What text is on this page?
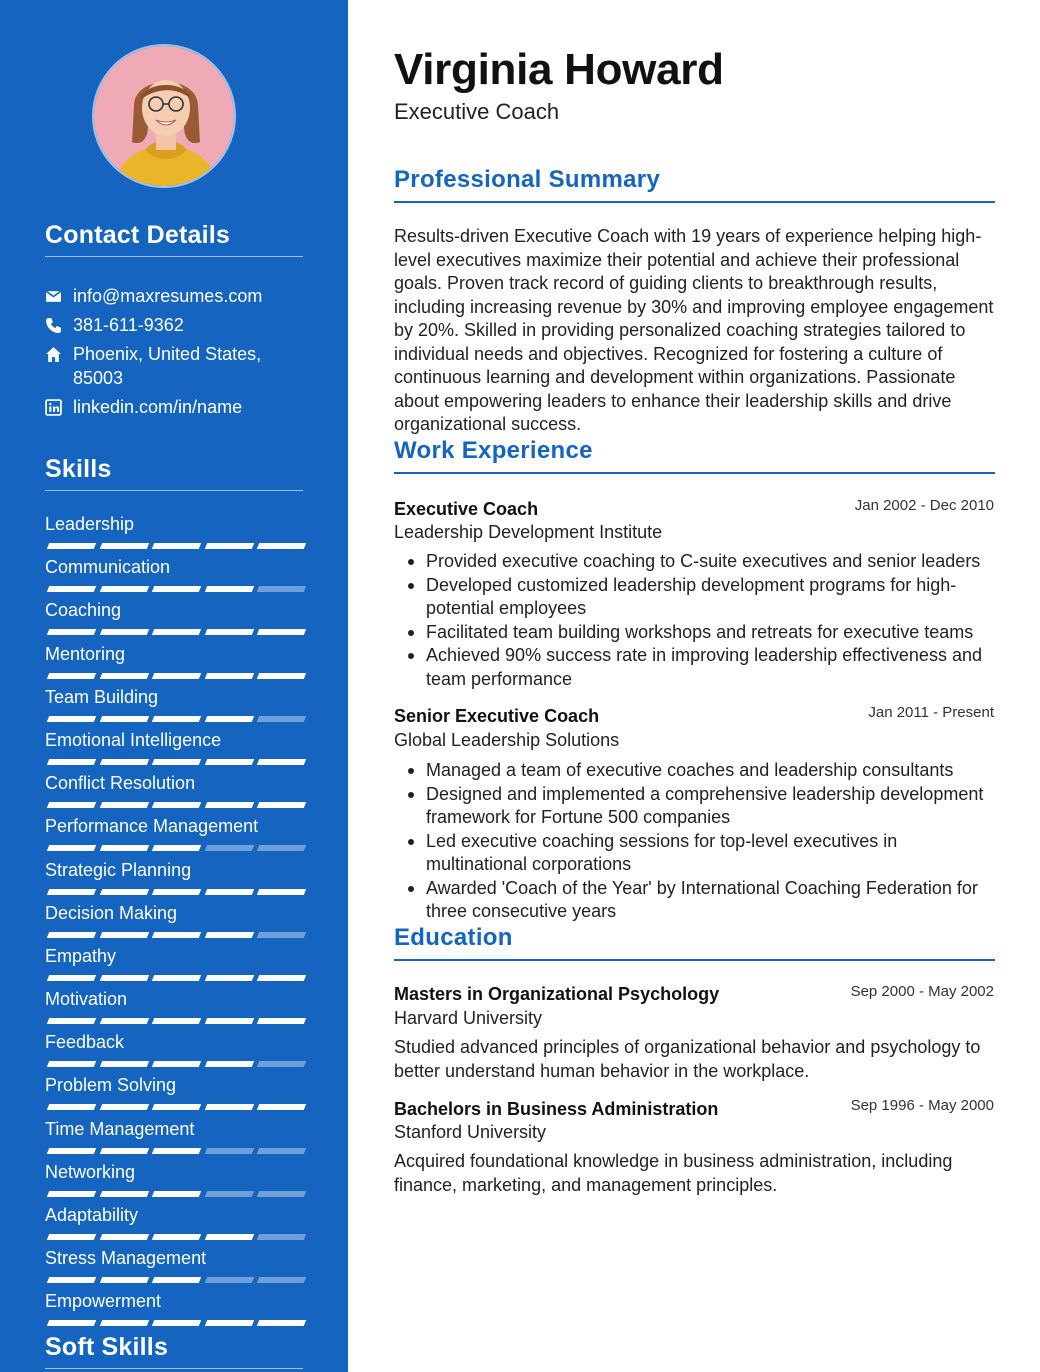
Contact Details
info@maxresumes.com
381-611-9362
Phoenix, United States, 85003
linkedin.com/in/name
Skills
Leadership
Communication
Coaching
Mentoring
Team Building
Emotional Intelligence
Conflict Resolution
Performance Management
Strategic Planning
Decision Making
Empathy
Motivation
Feedback
Problem Solving
Time Management
Networking
Adaptability
Stress Management
Empowerment
Soft Skills
Virginia Howard
Executive Coach
Professional Summary
Results-driven Executive Coach with 19 years of experience helping high-level executives maximize their potential and achieve their professional goals. Proven track record of guiding clients to breakthrough results, including increasing revenue by 30% and improving employee engagement by 20%. Skilled in providing personalized coaching strategies tailored to individual needs and objectives. Recognized for fostering a culture of continuous learning and development within organizations. Passionate about empowering leaders to enhance their leadership skills and drive organizational success.
Work Experience
Executive Coach	Jan 2002 - Dec 2010
Leadership Development Institute
Provided executive coaching to C-suite executives and senior leaders
Developed customized leadership development programs for high-potential employees
Facilitated team building workshops and retreats for executive teams
Achieved 90% success rate in improving leadership effectiveness and team performance
Senior Executive Coach	Jan 2011 - Present
Global Leadership Solutions
Managed a team of executive coaches and leadership consultants
Designed and implemented a comprehensive leadership development framework for Fortune 500 companies
Led executive coaching sessions for top-level executives in multinational corporations
Awarded 'Coach of the Year' by International Coaching Federation for three consecutive years
Education
Masters in Organizational Psychology	Sep 2000 - May 2002
Harvard University
Studied advanced principles of organizational behavior and psychology to better understand human behavior in the workplace.
Bachelors in Business Administration	Sep 1996 - May 2000
Stanford University
Acquired foundational knowledge in business administration, including finance, marketing, and management principles.
